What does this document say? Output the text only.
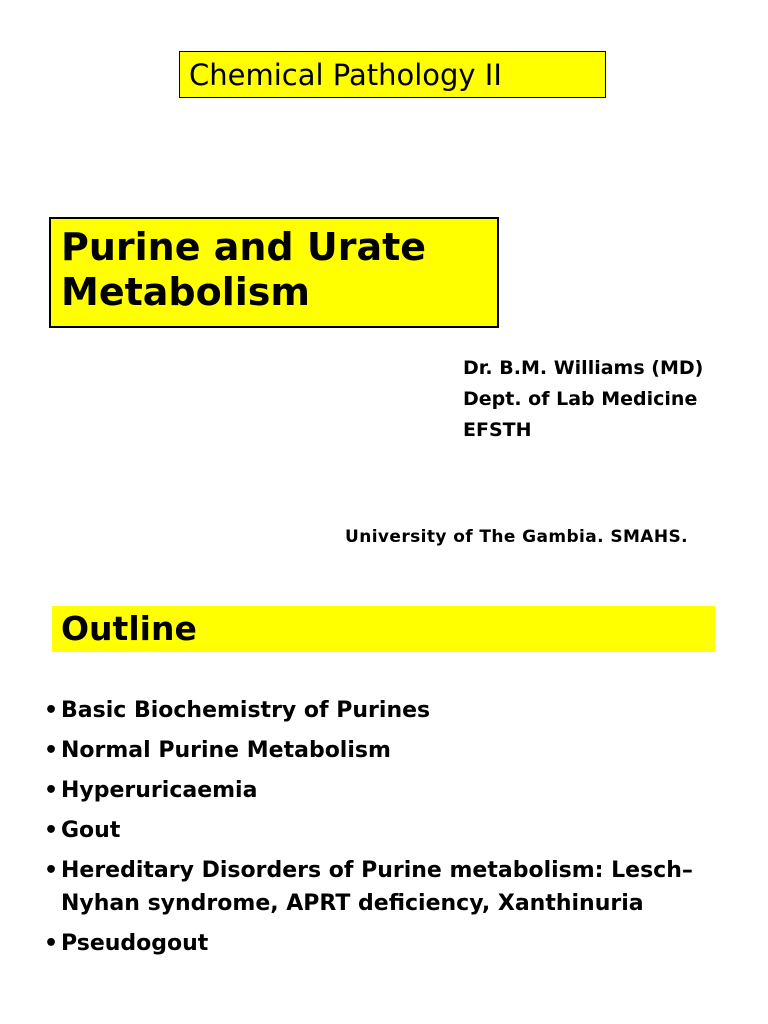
Chemical Pathology II
Purine and Urate
Metabolism
Dr. B.M. Williams (MD)
Dept. of Lab Medicine
EFSTH
University of The Gambia. SMAHS.
Outline
• Basic Biochemistry of Purines
• Normal Purine Metabolism
• Hyperuricaemia
• Gout
• Hereditary Disorders of Purine metabolism: Lesch–Nyhan syndrome, APRT deficiency, Xanthinuria
• Pseudogout
